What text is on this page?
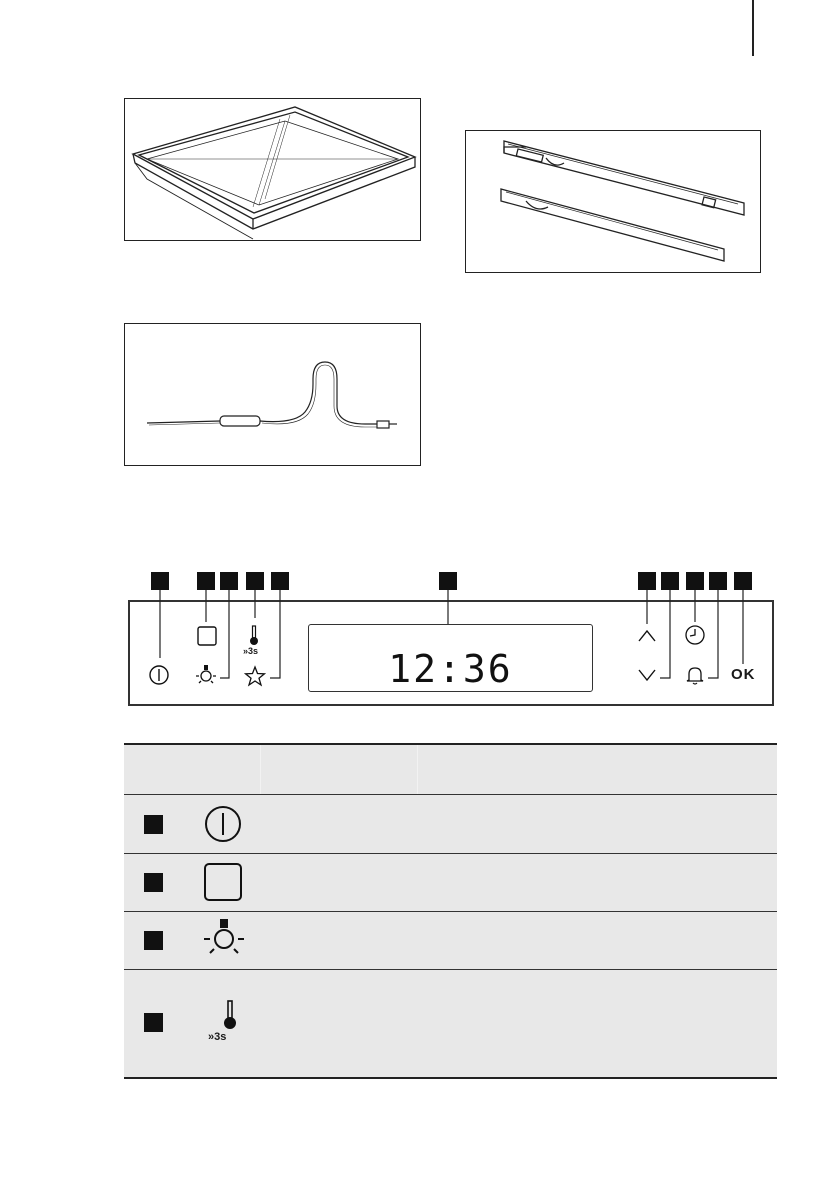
»3s	12:36	OK
»3s
